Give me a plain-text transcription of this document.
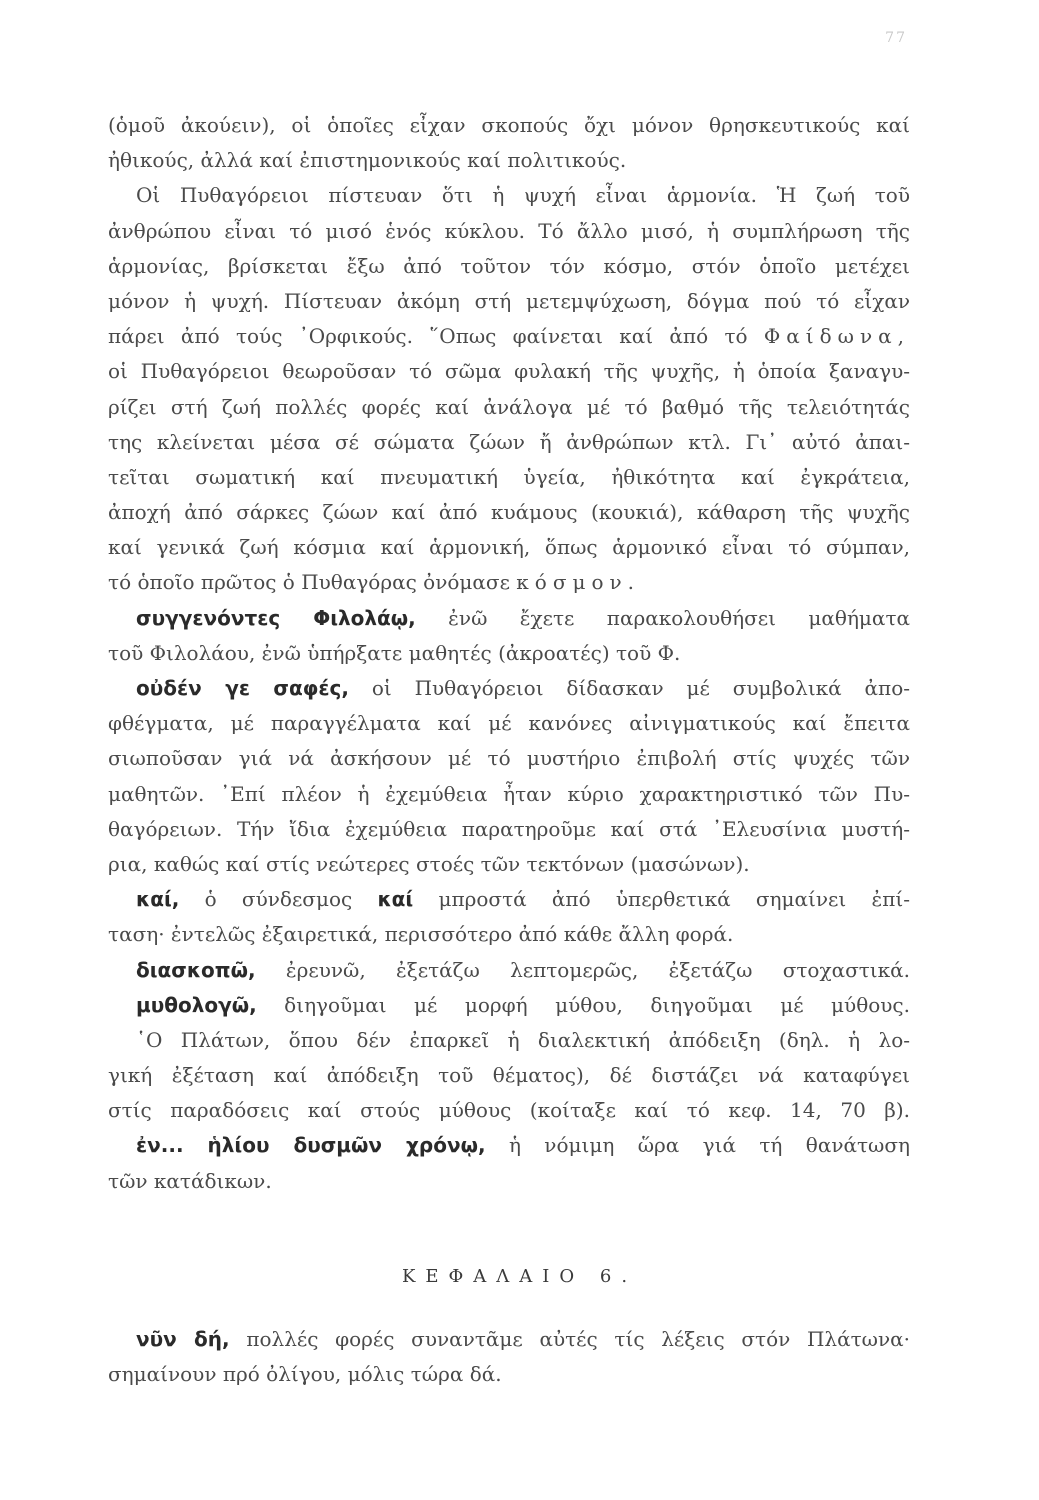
77
(ὁμοῦ ἀκούειν), οἱ ὁποῖες εἶχαν σκοπούς ὄχι μόνον θρησκευτικούς καί
ἠθικούς, ἀλλά καί ἐπιστημονικούς καί πολιτικούς.
Οἱ Πυθαγόρειοι πίστευαν ὅτι ἡ ψυχή εἶναι ἁρμονία. Ἡ ζωή τοῦ
ἀνθρώπου εἶναι τό μισό ἑνός κύκλου. Τό ἄλλο μισό, ἡ συμπλήρωση τῆς
ἁρμονίας, βρίσκεται ἔξω ἀπό τοῦτον τόν κόσμο, στόν ὁποῖο μετέχει
μόνον ἡ ψυχή. Πίστευαν ἀκόμη στή μετεμψύχωση, δόγμα πού τό εἶχαν
πάρει ἀπό τούς ᾿Ορφικούς. ῞Οπως φαίνεται καί ἀπό τό Φαίδωνα,
οἱ Πυθαγόρειοι θεωροῦσαν τό σῶμα φυλακή τῆς ψυχῆς, ἡ ὁποία ξαναγυ-
ρίζει στή ζωή πολλές φορές καί ἀνάλογα μέ τό βαθμό τῆς τελειότητάς
της κλείνεται μέσα σέ σώματα ζώων ἤ ἀνθρώπων κτλ. Γι᾿ αὐτό ἀπαι-
τεῖται σωματική καί πνευματική ὑγεία, ἠθικότητα καί ἐγκράτεια,
ἀποχή ἀπό σάρκες ζώων καί ἀπό κυάμους (κουκιά), κάθαρση τῆς ψυχῆς
καί γενικά ζωή κόσμια καί ἁρμονική, ὅπως ἁρμονικό εἶναι τό σύμπαν,
τό ὁποῖο πρῶτος ὁ Πυθαγόρας ὀνόμασε κόσμον.
συγγενόντες Φιλολάῳ, ἐνῶ ἔχετε παρακολουθήσει μαθήματα
τοῦ Φιλολάου, ἐνῶ ὑπήρξατε μαθητές (ἀκροατές) τοῦ Φ.
οὐδέν γε σαφές, οἱ Πυθαγόρειοι δίδασκαν μέ συμβολικά ἀπο-
φθέγματα, μέ παραγγέλματα καί μέ κανόνες αἰνιγματικούς καί ἔπειτα
σιωποῦσαν γιά νά ἀσκήσουν μέ τό μυστήριο ἐπιβολή στίς ψυχές τῶν
μαθητῶν. ᾿Επί πλέον ἡ ἐχεμύθεια ἦταν κύριο χαρακτηριστικό τῶν Πυ-
θαγόρειων. Τήν ἴδια ἐχεμύθεια παρατηροῦμε καί στά ᾿Ελευσίνια μυστή-
ρια, καθώς καί στίς νεώτερες στοές τῶν τεκτόνων (μασώνων).
καί, ὁ σύνδεσμος καί μπροστά ἀπό ὑπερθετικά σημαίνει ἐπί-
ταση· ἐντελῶς ἐξαιρετικά, περισσότερο ἀπό κάθε ἄλλη φορά.
διασκοπῶ, ἐρευνῶ, ἐξετάζω λεπτομερῶς, ἐξετάζω στοχαστικά.
μυθολογῶ, διηγοῦμαι μέ μορφή μύθου, διηγοῦμαι μέ μύθους.
῾Ο Πλάτων, ὅπου δέν ἐπαρκεῖ ἡ διαλεκτική ἀπόδειξη (δηλ. ἡ λο-
γική ἐξέταση καί ἀπόδειξη τοῦ θέματος), δέ διστάζει νά καταφύγει
στίς παραδόσεις καί στούς μύθους (κοίταξε καί τό κεφ. 14, 70 β).
ἐν... ἡλίου δυσμῶν χρόνῳ, ἡ νόμιμη ὥρα γιά τή θανάτωση
τῶν κατάδικων.
ΚΕΦΑΛΑΙΟ 6.
νῦν δή, πολλές φορές συναντᾶμε αὐτές τίς λέξεις στόν Πλάτωνα·
σημαίνουν πρό ὀλίγου, μόλις τώρα δά.
